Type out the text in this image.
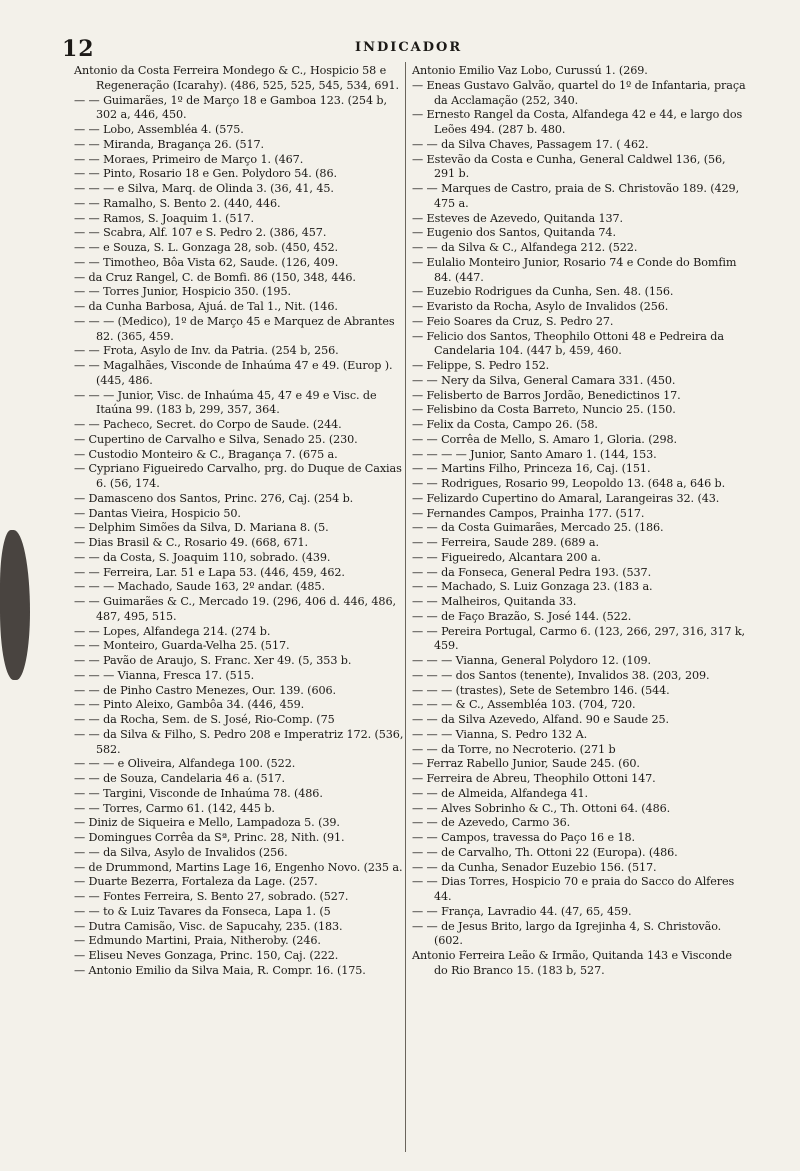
12	INDICADOR

Antonio da Costa Ferreira Mondego & C., Hospicio 58 e Regeneração (Icarahy). (486, 525, 525, 545, 534, 691.

— — Guimarães, 1º de Março 18 e Gamboa 123. (254 b, 302 a, 446, 450.

— — Lobo, Assembléa 4. (575.

— — Miranda, Bragança 26. (517.

— — Moraes, Primeiro de Março 1. (467.

— — Pinto, Rosario 18 e Gen. Polydoro 54. (86.

— — — e Silva, Marq. de Olinda 3. (36, 41, 45.

— — Ramalho, S. Bento 2. (440, 446.

— — Ramos, S. Joaquim 1. (517.

— — Scabra, Alf. 107 e S. Pedro 2. (386, 457.

— — e Souza, S. L. Gonzaga 28, sob. (450, 452.

— — Timotheo, Bôa Vista 62, Saude. (126, 409.

— da Cruz Rangel, C. de Bomfi. 86 (150, 348, 446.

— — Torres Junior, Hospicio 350. (195.

— da Cunha Barbosa, Ajuá. de Tal 1., Nit. (146.

— — — (Medico), 1º de Março 45 e Marquez de Abrantes 82. (365, 459.

— — Frota, Asylo de Inv. da Patria. (254 b, 256.

— — Magalhães, Visconde de Inhaúma 47 e 49. (Europ ). (445, 486.

— — — Junior, Visc. de Inhaúma 45, 47 e 49 e Visc. de Itaúna 99. (183 b, 299, 357, 364.

— — Pacheco, Secret. do Corpo de Saude. (244.

— Cupertino de Carvalho e Silva, Senado 25. (230.

— Custodio Monteiro & C., Bragança 7. (675 a.

— Cypriano Figueiredo Carvalho, prg. do Duque de Caxias 6. (56, 174.

— Damasceno dos Santos, Princ. 276, Caj. (254 b.

— Dantas Vieira, Hospicio 50.

— Delphim Simões da Silva, D. Mariana 8. (5.

— Dias Brasil & C., Rosario 49. (668, 671.

— — da Costa, S. Joaquim 110, sobrado. (439.

— — Ferreira, Lar. 51 e Lapa 53. (446, 459, 462.

— — — Machado, Saude 163, 2º andar. (485.

— — Guimarães & C., Mercado 19. (296, 406 d. 446, 486, 487, 495, 515.

— — Lopes, Alfandega 214. (274 b.

— — Monteiro, Guarda-Velha 25. (517.

— — Pavão de Araujo, S. Franc. Xer 49. (5, 353 b.

— — — Vianna, Fresca 17. (515.

— — de Pinho Castro Menezes, Our. 139. (606.

— — Pinto Aleixo, Gambôa 34. (446, 459.

— — da Rocha, Sem. de S. José, Rio-Comp. (75

— — da Silva & Filho, S. Pedro 208 e Imperatriz 172. (536, 582.

— — — e Oliveira, Alfandega 100. (522.

— — de Souza, Candelaria 46 a. (517.

— — Targini, Visconde de Inhaúma 78. (486.

— — Torres, Carmo 61. (142, 445 b.

— Diniz de Siqueira e Mello, Lampadoza 5. (39.

— Domingues Corrêa da Sª, Princ. 28, Nith. (91.

— — da Silva, Asylo de Invalidos (256.

— de Drummond, Martins Lage 16, Engenho Novo. (235 a.

— Duarte Bezerra, Fortaleza da Lage. (257.

— — Fontes Ferreira, S. Bento 27, sobrado. (527.

— — to & Luiz Tavares da Fonseca, Lapa 1. (5

— Dutra Camisão, Visc. de Sapucahy, 235. (183.

— Edmundo Martini, Praia, Nitheroby. (246.

— Eliseu Neves Gonzaga, Princ. 150, Caj. (222.

— Antonio Emilio da Silva Maia, R. Compr. 16. (175.

Antonio Emilio Vaz Lobo, Curussú 1. (269.

— Eneas Gustavo Galvão, quartel do 1º de Infantaria, praça da Acclamação (252, 340.

— Ernesto Rangel da Costa, Alfandega 42 e 44, e largo dos Leões 494. (287 b. 480.

— — da Silva Chaves, Passagem 17. ( 462.

— Estevão da Costa e Cunha, General Caldwel 136, (56, 291 b.

— — Marques de Castro, praia de S. Christovão 189. (429, 475 a.

— Esteves de Azevedo, Quitanda 137.

— Eugenio dos Santos, Quitanda 74.

— — da Silva & C., Alfandega 212. (522.

— Eulalio Monteiro Junior, Rosario 74 e Conde do Bomfim 84. (447.

— Euzebio Rodrigues da Cunha, Sen. 48. (156.

— Evaristo da Rocha, Asylo de Invalidos (256.

— Feio Soares da Cruz, S. Pedro 27.

— Felicio dos Santos, Theophilo Ottoni 48 e Pedreira da Candelaria 104. (447 b, 459, 460.

— Felippe, S. Pedro 152.

— — Nery da Silva, General Camara 331. (450.

— Felisberto de Barros Jordão, Benedictinos 17.

— Felisbino da Costa Barreto, Nuncio 25. (150.

— Felix da Costa, Campo 26. (58.

— — Corrêa de Mello, S. Amaro 1, Gloria. (298.

— — — — Junior, Santo Amaro 1. (144, 153.

— — Martins Filho, Princeza 16, Caj. (151.

— — Rodrigues, Rosario 99, Leopoldo 13. (648 a, 646 b.

— Felizardo Cupertino do Amaral, Larangeiras 32. (43.

— Fernandes Campos, Prainha 177. (517.

— — da Costa Guimarães, Mercado 25. (186.

— — Ferreira, Saude 289. (689 a.

— — Figueiredo, Alcantara 200 a.

— — da Fonseca, General Pedra 193. (537.

— — Machado, S. Luiz Gonzaga 23. (183 a.

— — Malheiros, Quitanda 33.

— — de Faço Brazão, S. José 144. (522.

— — Pereira Portugal, Carmo 6. (123, 266, 297, 316, 317 k, 459.

— — — Vianna, General Polydoro 12. (109.

— — — dos Santos (tenente), Invalidos 38. (203, 209.

— — — (trastes), Sete de Setembro 146. (544.

— — — & C., Assembléa 103. (704, 720.

— — da Silva Azevedo, Alfand. 90 e Saude 25.

— — — Vianna, S. Pedro 132 A.

— — da Torre, no Necroterio. (271 b

— Ferraz Rabello Junior, Saude 245. (60.

— Ferreira de Abreu, Theophilo Ottoni 147.

— — de Almeida, Alfandega 41.

— — Alves Sobrinho & C., Th. Ottoni 64. (486.

— — de Azevedo, Carmo 36.

— — Campos, travessa do Paço 16 e 18.

— — de Carvalho, Th. Ottoni 22 (Europa). (486.

— — da Cunha, Senador Euzebio 156. (517.

— — Dias Torres, Hospicio 70 e praia do Sacco do Alferes 44.

— — França, Lavradio 44. (47, 65, 459.

— — de Jesus Brito, largo da Igrejinha 4, S. Christovão. (602.

Antonio Ferreira Leão & Irmão, Quitanda 143 e Visconde do Rio Branco 15. (183 b, 527.
